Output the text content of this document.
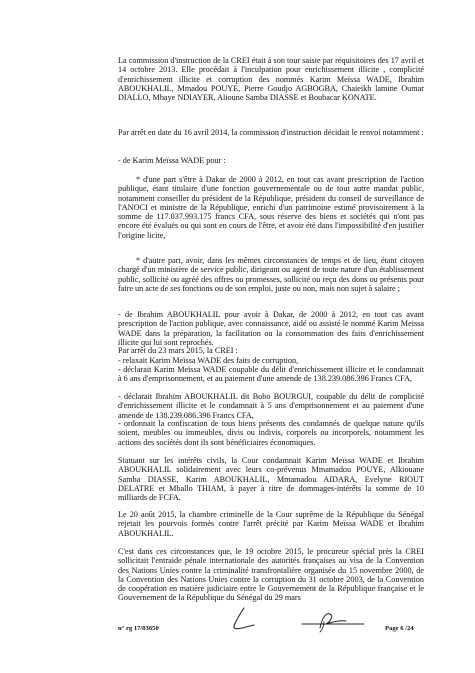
La commission d'instruction de la CREI était à son tour saisie par réquisitoires des 17 avril et 14 octobre 2013. Elle procédait à l'inculpation pour enrichissement illicite , complicité d'enrichissement illicite et corruption des nommés Karim Meïssa WADE, Ibrahim ABOUKHALIL, Mmadou POUYE, Pierre Goudjo AGBOGBA, Chaieikh lamine Oumar DIALLO, Mbaye NDIAYER, Alioune Samba DIASSE et Boubacar KONATE.

Par arrêt en date du 16 avril 2014, la commission d'instruction décidait le renvoi notamment :

- de Karim Meïssa WADE pour :

* d'une part s'être à Dakar de 2000 à 2012, en tout cas avant prescription de l'action publique, étant titulaire d'une fonction gouvernementale ou de tout autre mandat public, notamment conseiller du président de la République, président du conseil de surveillance de l'ANOCI et ministre de la République, enrichi d'un patrimoine estimé provisoirement à la somme de 117.037.993.175 francs CFA, sous réserve des biens et sociétés qui n'ont pas encore été évalués ou qui sont en cours de l'être, et avoir été dans l'impossibilité d'en justifier l'origine licite,

* d'autre part, avoir, dans les mêmes circonstances de temps et de lieu, étant citoyen chargé d'un ministère de service public, dirigeant ou agent de toute nature d'un établissement public, sollicité ou agréé des offres ou promesses, sollicité ou reçu des dons ou présents pour faire un acte de ses fonctions ou de son emploi, juste ou non, mais non sujet à salaire ;

- de Ibrahim ABOUKHALIL pour avoir à Dakar, de 2000 à 2012, en tout cas avant prescription de l'action publique, avec connaissance, aidé ou assisté le nommé Karim Meissa WADE dans la préparation, la facilitation ou la consommation des faits d'enrichissement illicite qui lui sont reprochés.

Par arrêt du 23 mars 2015, la CREI :

- relaxait Karim Meïssa WADE des faits de corruption,

- déclarait Karim Meïssa WADE coupable du délit d'enrichissement illicite et le condamnait à 6 ans d'emprisonnement, et au paiement d'une amende de 138.239.086.396 Francs CFA,

- déclarait Ibrahim ABOUKHALIL dit Bobo BOURGUI, coupable du délit de complicité d'enrichissement illicite et le condamnait à 5 ans d'emprisonnement et au paiement d'une amende de 138.239.086.396 Francs CFA,

- ordonnait la confiscation de tous biens présents des condamnés de quelque nature qu'ils soient, meubles ou immeubles, divis ou indivis, corporels ou incorporels, notamment les actions des sociétés dont ils sont bénéficiaires économiques.

Statuant sur les intérêts civils, la Cour condamnait Karim Meïssa WADE et Ibrahim ABOUKHALIL solidairement avec leurs co-prévenus Mmamadou POUYE, Alkiouane Samba DIASSE, Karim ABOUKHALIL, Mmamadou AIDARA, Evelyne RIOUT DELATRE et Mballo THIAM, à payer à titre de dommages-intérêts la somme de 10 milliards de FCFA.

Le 20 août 2015, la chambre criminelle de la Cour suprême de la République du Sénégal rejetait les pourvois formés contre l'arrêt précité par Karim Meïssa WADE et Ibrahim ABOUKHALIL.

C'est dans ces circonstances que, le 19 octobre 2015, le procureur spécial près la CREI sollicitait l'entraide pénale internationale des autorités françaises au visa de la Convention des Nations Unies contre la criminalité transfrontalière organisée du 15 novembre 2000, de la Convention des Nations Unies contre la corruption du 31 octobre 2003, de la Convention de coopération en matière judiciaire entre le Gouvernement de la République française et le Gouvernement de la République du Sénégal du 29 mars

n° rg 17/03650	Page 6 /24
